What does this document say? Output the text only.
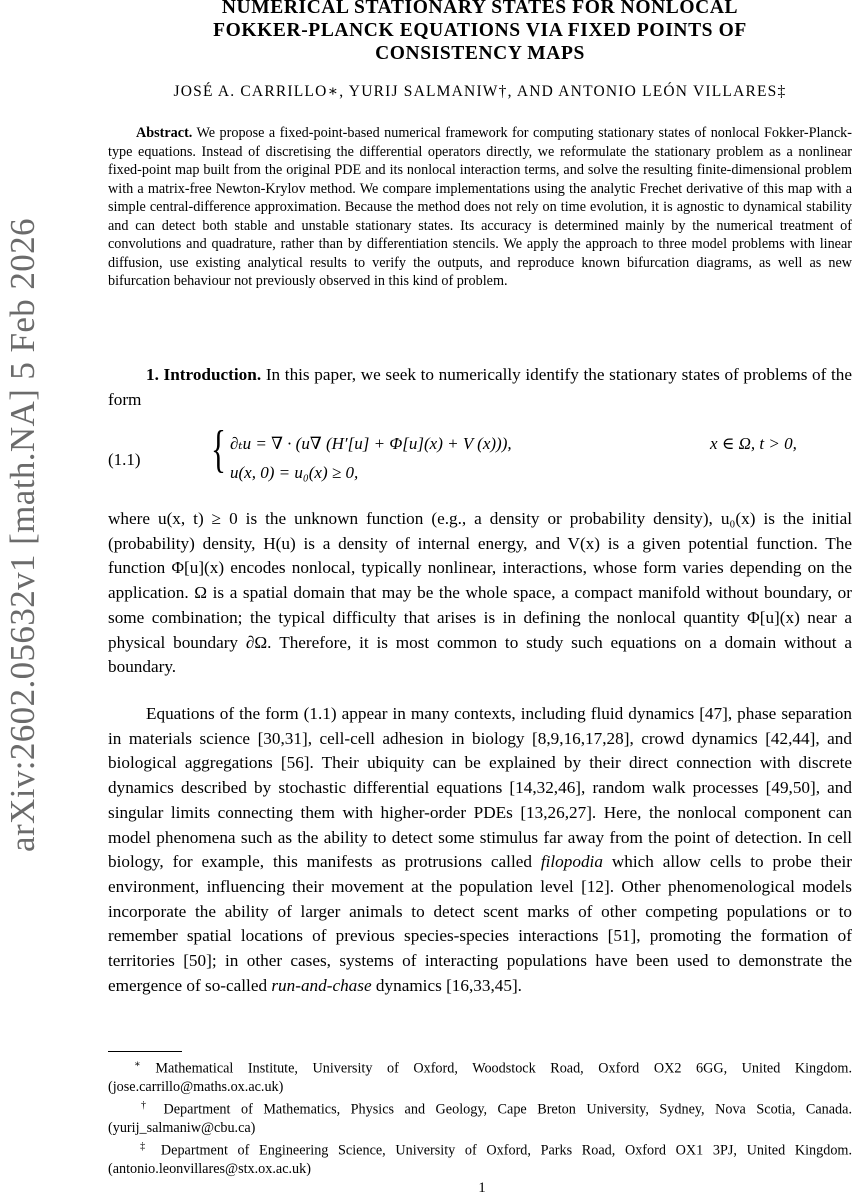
arXiv:2602.05632v1 [math.NA] 5 Feb 2026
NUMERICAL STATIONARY STATES FOR NONLOCAL
FOKKER-PLANCK EQUATIONS VIA FIXED POINTS OF
CONSISTENCY MAPS
JOSÉ A. CARRILLO∗, YURIJ SALMANIW†, AND ANTONIO LEÓN VILLARES‡
Abstract. We propose a fixed-point-based numerical framework for computing stationary states of nonlocal Fokker-Planck-type equations. Instead of discretising the differential operators directly, we reformulate the stationary problem as a nonlinear fixed-point map built from the original PDE and its nonlocal interaction terms, and solve the resulting finite-dimensional problem with a matrix-free Newton-Krylov method. We compare implementations using the analytic Frechet derivative of this map with a simple central-difference approximation. Because the method does not rely on time evolution, it is agnostic to dynamical stability and can detect both stable and unstable stationary states. Its accuracy is determined mainly by the numerical treatment of convolutions and quadrature, rather than by differentiation stencils. We apply the approach to three model problems with linear diffusion, use existing analytical results to verify the outputs, and reproduce known bifurcation diagrams, as well as new bifurcation behaviour not previously observed in this kind of problem.
1. Introduction. In this paper, we seek to numerically identify the stationary states of problems of the form
(1.1) { ∂ₜu = ∇ · (u∇ (H′[u] + Φ[u](x) + V (x))),	x ∈ Ω, t > 0,
u(x, 0) = u₀(x) ≥ 0,
where u(x, t) ≥ 0 is the unknown function (e.g., a density or probability density), u₀(x) is the initial (probability) density, H(u) is a density of internal energy, and V(x) is a given potential function. The function Φ[u](x) encodes nonlocal, typically nonlinear, interactions, whose form varies depending on the application. Ω is a spatial domain that may be the whole space, a compact manifold without boundary, or some combination; the typical difficulty that arises is in defining the nonlocal quantity Φ[u](x) near a physical boundary ∂Ω. Therefore, it is most common to study such equations on a domain without a boundary.
Equations of the form (1.1) appear in many contexts, including fluid dynamics [47], phase separation in materials science [30,31], cell-cell adhesion in biology [8,9,16,17,28], crowd dynamics [42,44], and biological aggregations [56]. Their ubiquity can be explained by their direct connection with discrete dynamics described by stochastic differential equations [14,32,46], random walk processes [49,50], and singular limits connecting them with higher-order PDEs [13,26,27]. Here, the nonlocal component can model phenomena such as the ability to detect some stimulus far away from the point of detection. In cell biology, for example, this manifests as protrusions called filopodia which allow cells to probe their environment, influencing their movement at the population level [12]. Other phenomenological models incorporate the ability of larger animals to detect scent marks of other competing populations or to remember spatial locations of previous species-species interactions [51], promoting the formation of territories [50]; in other cases, systems of interacting populations have been used to demonstrate the emergence of so-called run-and-chase dynamics [16,33,45].

∗ Mathematical Institute, University of Oxford, Woodstock Road, Oxford OX2 6GG, United Kingdom. (jose.carrillo@maths.ox.ac.uk)

† Department of Mathematics, Physics and Geology, Cape Breton University, Sydney, Nova Scotia, Canada. (yurij_salmaniw@cbu.ca)

‡ Department of Engineering Science, University of Oxford, Parks Road, Oxford OX1 3PJ, United Kingdom. (antonio.leonvillares@stx.ox.ac.uk)

1
